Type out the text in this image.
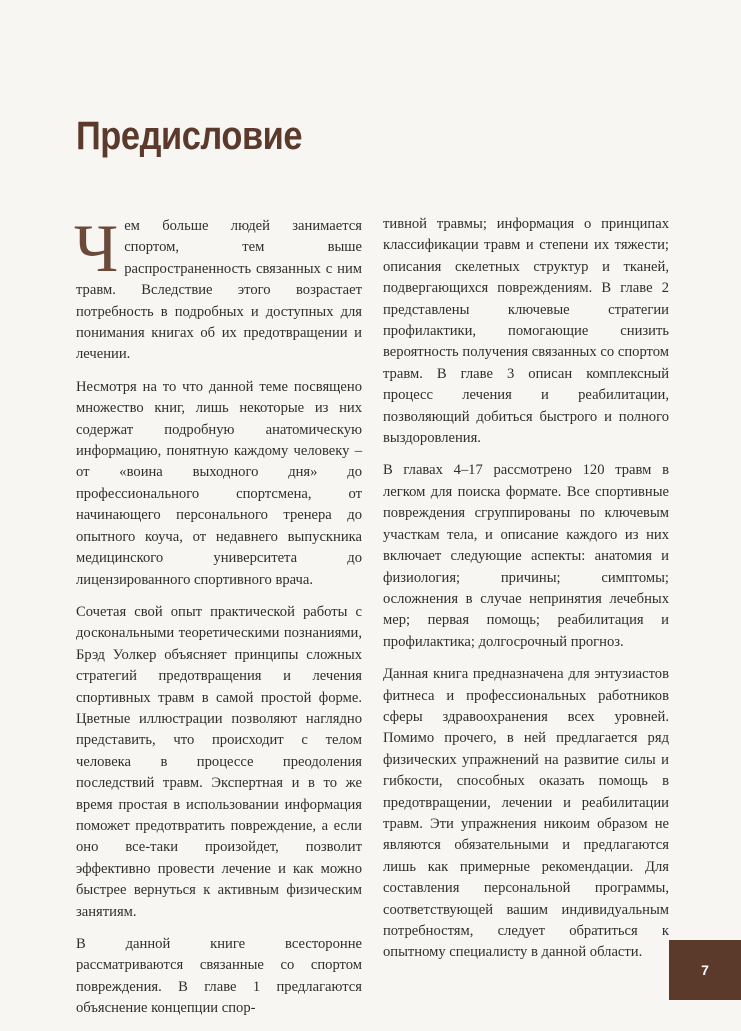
Предисловие

Чем больше людей занимается спортом, тем выше распространенность связанных с ним травм. Вследствие этого возрастает потребность в подробных и доступных для понимания книгах об их предотвращении и лечении.

Несмотря на то что данной теме посвящено множество книг, лишь некоторые из них содержат подробную анатомическую информацию, понятную каждому человеку – от «воина выходного дня» до профессионального спортсмена, от начинающего персонального тренера до опытного коуча, от недавнего выпускника медицинского университета до лицензированного спортивного врача.

Сочетая свой опыт практической работы с доскональными теоретическими познаниями, Брэд Уолкер объясняет принципы сложных стратегий предотвращения и лечения спортивных травм в самой простой форме. Цветные иллюстрации позволяют наглядно представить, что происходит с телом человека в процессе преодоления последствий травм. Экспертная и в то же время простая в использовании информация поможет предотвратить повреждение, а если оно все-таки произойдет, позволит эффективно провести лечение и как можно быстрее вернуться к активным физическим занятиям.

В данной книге всесторонне рассматриваются связанные со спортом повреждения. В главе 1 предлагаются объяснение концепции спор-

тивной травмы; информация о принципах классификации травм и степени их тяжести; описания скелетных структур и тканей, подвергающихся повреждениям. В главе 2 представлены ключевые стратегии профилактики, помогающие снизить вероятность получения связанных со спортом травм. В главе 3 описан комплексный процесс лечения и реабилитации, позволяющий добиться быстрого и полного выздоровления.

В главах 4–17 рассмотрено 120 травм в легком для поиска формате. Все спортивные повреждения сгруппированы по ключевым участкам тела, и описание каждого из них включает следующие аспекты: анатомия и физиология; причины; симптомы; осложнения в случае непринятия лечебных мер; первая помощь; реабилитация и профилактика; долгосрочный прогноз.

Данная книга предназначена для энтузиастов фитнеса и профессиональных работников сферы здравоохранения всех уровней. Помимо прочего, в ней предлагается ряд физических упражнений на развитие силы и гибкости, способных оказать помощь в предотвращении, лечении и реабилитации травм. Эти упражнения никоим образом не являются обязательными и предлагаются лишь как примерные рекомендации. Для составления персональной программы, соответствующей вашим индивидуальным потребностям, следует обратиться к опытному специалисту в данной области.

7
